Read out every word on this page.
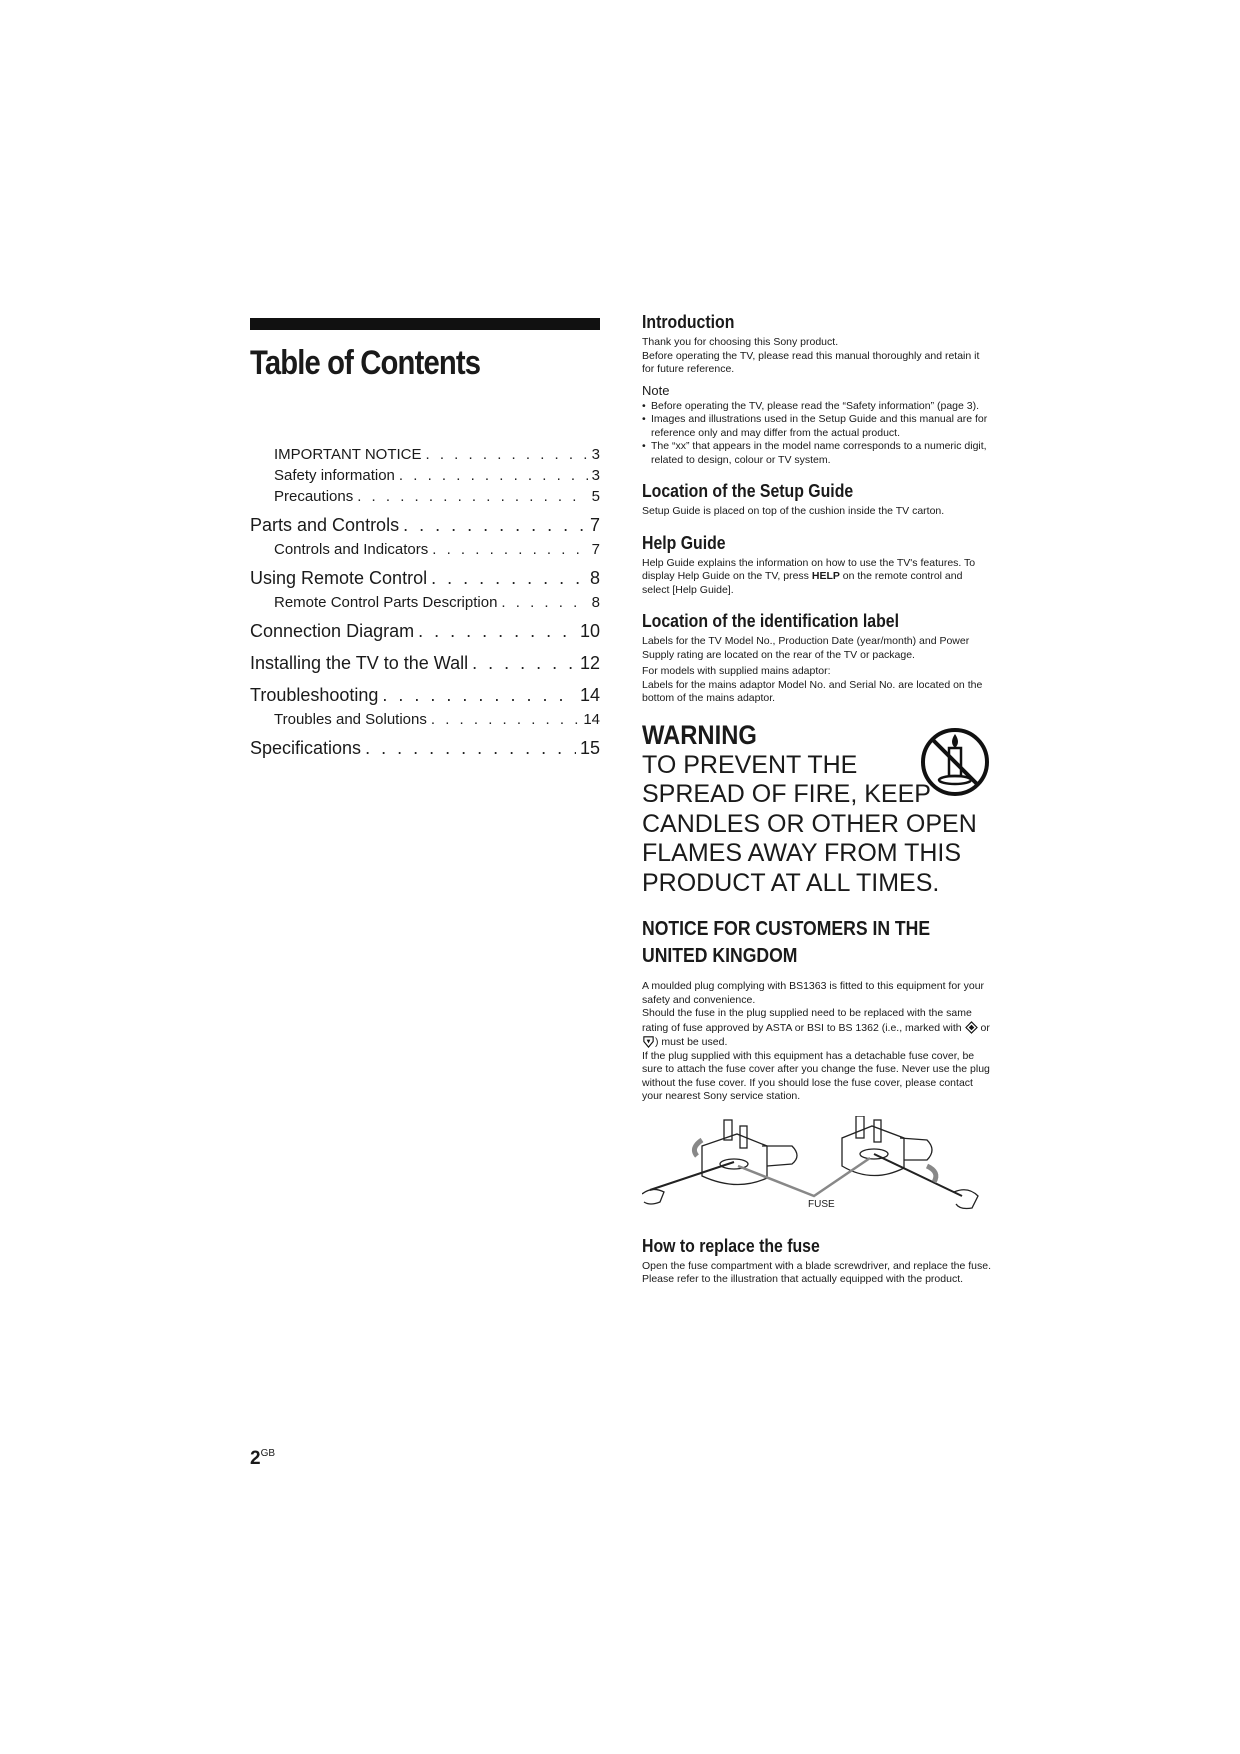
Table of Contents
IMPORTANT NOTICE . . .	3
Safety information . . .	3
Precautions . . .	5
Parts and Controls . . .	7
Controls and Indicators . . .	7
Using Remote Control . . .	8
Remote Control Parts Description . . .	8
Connection Diagram . . .	10
Installing the TV to the Wall . . .	12
Troubleshooting . . .	14
Troubles and Solutions . . .	14
Specifications . . .	15
$2^{GB}$
Introduction

Thank you for choosing this Sony product.

Before operating the TV, please read this manual thoroughly and retain it for future reference.

Note
• Before operating the TV, please read the “Safety information” (page 3).
• Images and illustrations used in the Setup Guide and this manual are for reference only and may differ from the actual product.
• The “xx” that appears in the model name corresponds to a numeric digit, related to design, colour or TV system.
Location of the Setup Guide

Setup Guide is placed on top of the cushion inside the TV carton.

Help Guide

Help Guide explains the information on how to use the TV's features. To display Help Guide on the TV, press HELP on the remote control and select [Help Guide].

Location of the identification label

Labels for the TV Model No., Production Date (year/month) and Power Supply rating are located on the rear of the TV or package.

For models with supplied mains adaptor:

Labels for the mains adaptor Model No. and Serial No. are located on the bottom of the mains adaptor.

WARNING
TO PREVENT THE
SPREAD OF FIRE, KEEP
CANDLES OR OTHER OPEN
FLAMES AWAY FROM THIS
PRODUCT AT ALL TIMES.
NOTICE FOR CUSTOMERS IN THE UNITED KINGDOM

A moulded plug complying with BS1363 is fitted to this equipment for your safety and convenience.

Should the fuse in the plug supplied need to be replaced with the same rating of fuse approved by ASTA or BSI to BS 1362 (i.e., marked with  or ) must be used.

If the plug supplied with this equipment has a detachable fuse cover, be sure to attach the fuse cover after you change the fuse. Never use the plug without the fuse cover. If you should lose the fuse cover, please contact your nearest Sony service station.

FUSE
How to replace the fuse

Open the fuse compartment with a blade screwdriver, and replace the fuse.

Please refer to the illustration that actually equipped with the product.
